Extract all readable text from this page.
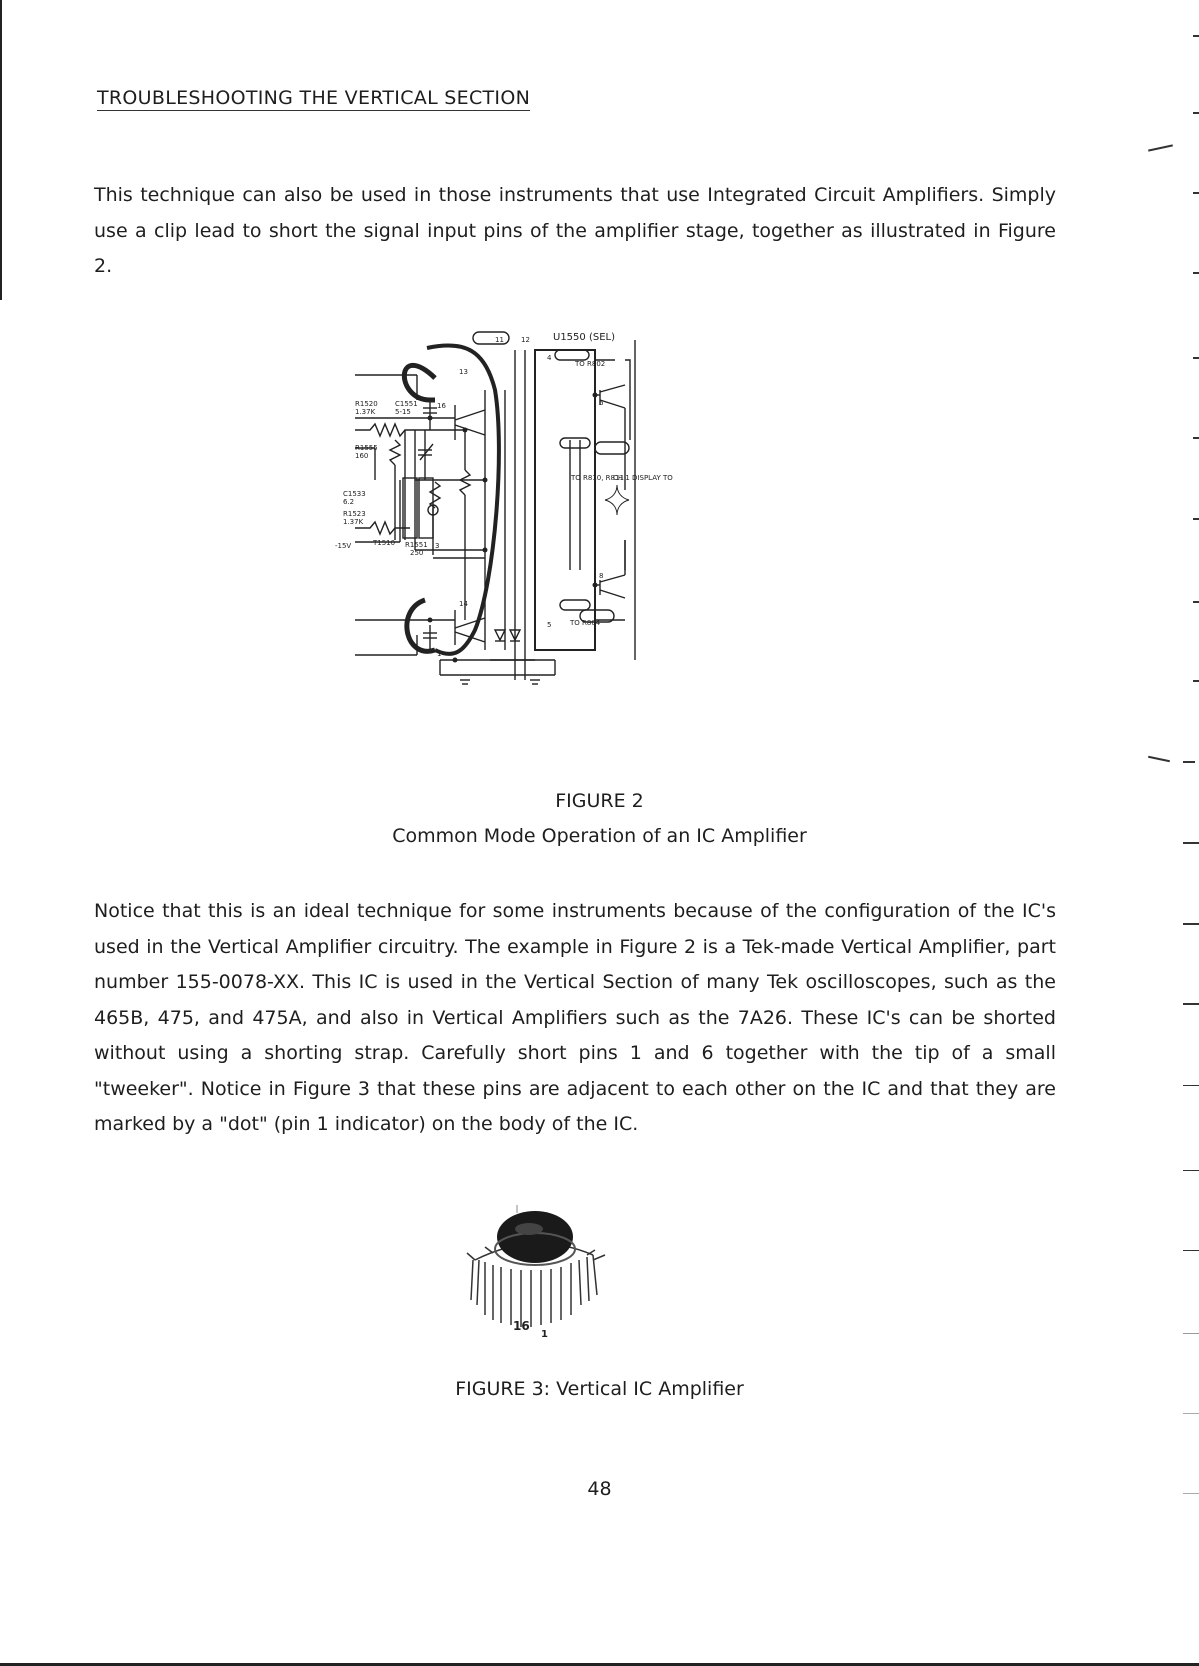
TROUBLESHOOTING THE VERTICAL SECTION

This technique can also be used in those instruments that use Integrated Circuit Amplifiers. Simply use a clip lead to short the signal input pins of the amplifier stage, together as illustrated in Figure 2.

U1550 (SEL)
R1520
1.37K
C1551
5-15
R1555
160
C1533
6.2
R1523
1.37K
-15V	T1510 R1551
250
TO R802
TO R810, R811
CH 1 DISPLAY TO
TO R804
11 12
13
14
16
4
6
8
5
3
1
FIGURE 2
Common Mode Operation of an IC Amplifier

Notice that this is an ideal technique for some instruments because of the configuration of the IC's used in the Vertical Amplifier circuitry. The example in Figure 2 is a Tek-made Vertical Amplifier, part number 155-0078-XX. This IC is used in the Vertical Section of many Tek oscilloscopes, such as the 465B, 475, and 475A, and also in Vertical Amplifiers such as the 7A26. These IC's can be shorted without using a shorting strap. Carefully short pins 1 and 6 together with the tip of a small "tweeker". Notice in Figure 3 that these pins are adjacent to each other on the IC and that they are marked by a "dot" (pin 1 indicator) on the body of the IC.

16
1
FIGURE 3: Vertical IC Amplifier
48
